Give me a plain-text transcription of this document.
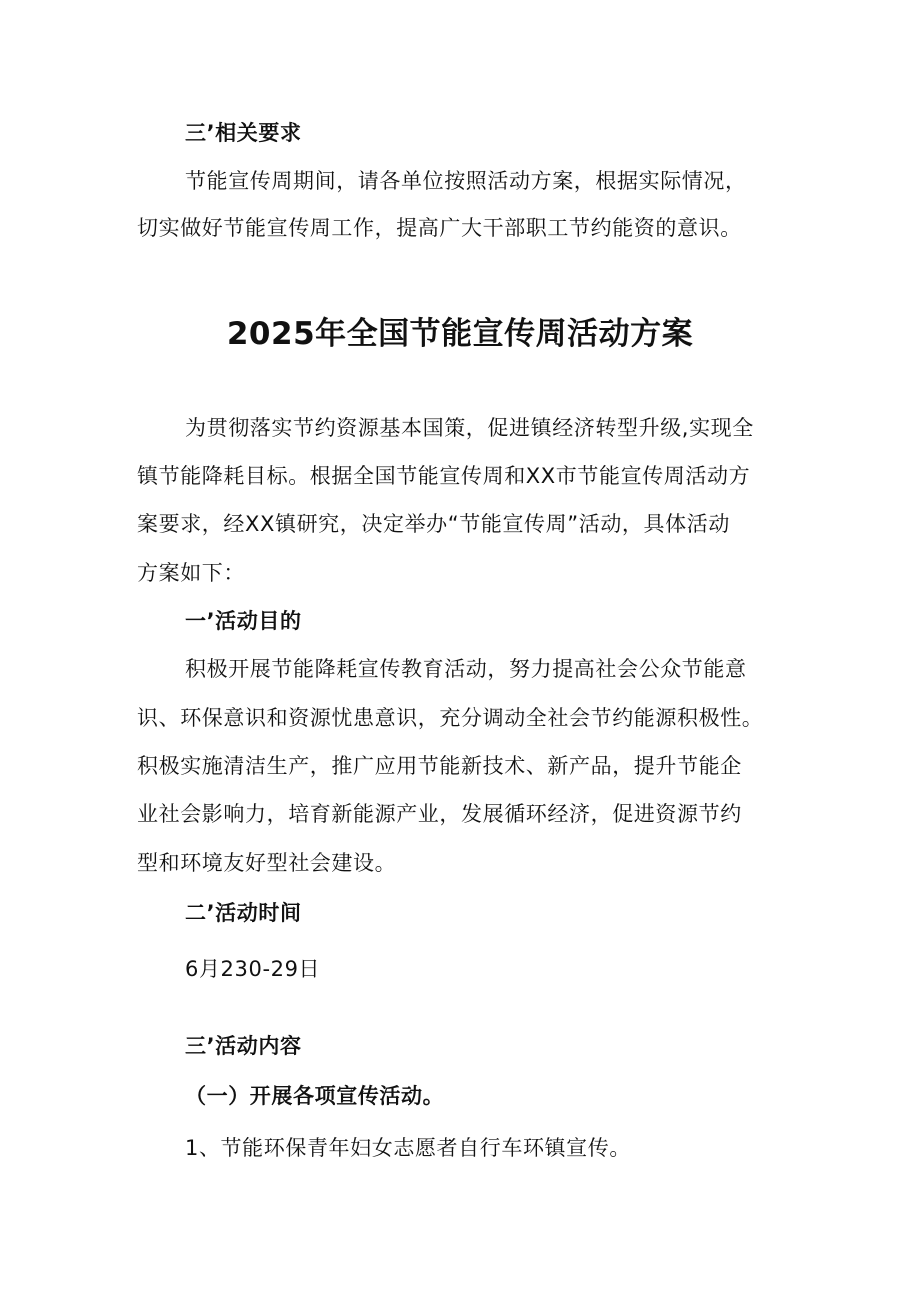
三’相关要求

节能宣传周期间，请各单位按照活动方案，根据实际情况，

切实做好节能宣传周工作，提高广大干部职工节约能资的意识。

2025年全国节能宣传周活动方案

为贯彻落实节约资源基本国策，促进镇经济转型升级,实现全

镇节能降耗目标。根据全国节能宣传周和XX市节能宣传周活动方

案要求，经XX镇研究，决定举办“节能宣传周”活动，具体活动

方案如下：

一’活动目的

积极开展节能降耗宣传教育活动，努力提高社会公众节能意

识、环保意识和资源忧患意识，充分调动全社会节约能源积极性。

积极实施清洁生产，推广应用节能新技术、新产品，提升节能企

业社会影响力，培育新能源产业，发展循环经济，促进资源节约

型和环境友好型社会建设。

二’活动时间

6月230-29日

三’活动内容

（一）开展各项宣传活动。

1、节能环保青年妇女志愿者自行车环镇宣传。
